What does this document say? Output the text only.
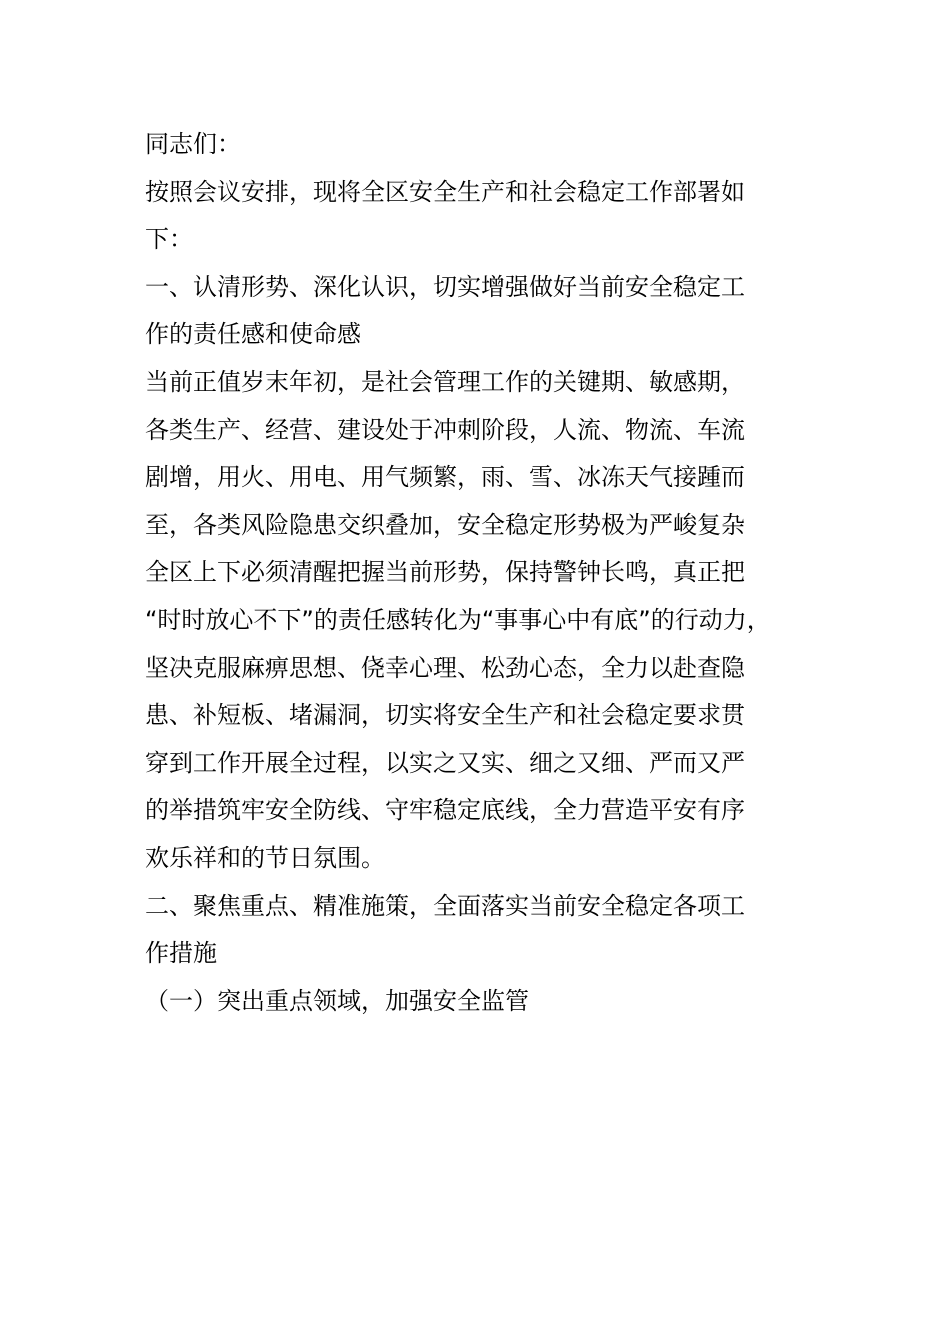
同志们：
按照会议安排，现将全区安全生产和社会稳定工作部署如
下：
一、认清形势、深化认识，切实增强做好当前安全稳定工
作的责任感和使命感
当前正值岁末年初，是社会管理工作的关键期、敏感期，
各类生产、经营、建设处于冲刺阶段，人流、物流、车流
剧增，用火、用电、用气频繁，雨、雪、冰冻天气接踵而
至，各类风险隐患交织叠加，安全稳定形势极为严峻复杂
全区上下必须清醒把握当前形势，保持警钟长鸣，真正把
“时时放心不下”的责任感转化为“事事心中有底”的行动力，
坚决克服麻痹思想、侥幸心理、松劲心态，全力以赴查隐
患、补短板、堵漏洞，切实将安全生产和社会稳定要求贯
穿到工作开展全过程，以实之又实、细之又细、严而又严
的举措筑牢安全防线、守牢稳定底线，全力营造平安有序
欢乐祥和的节日氛围。
二、聚焦重点、精准施策，全面落实当前安全稳定各项工
作措施
（一）突出重点领域，加强安全监管
